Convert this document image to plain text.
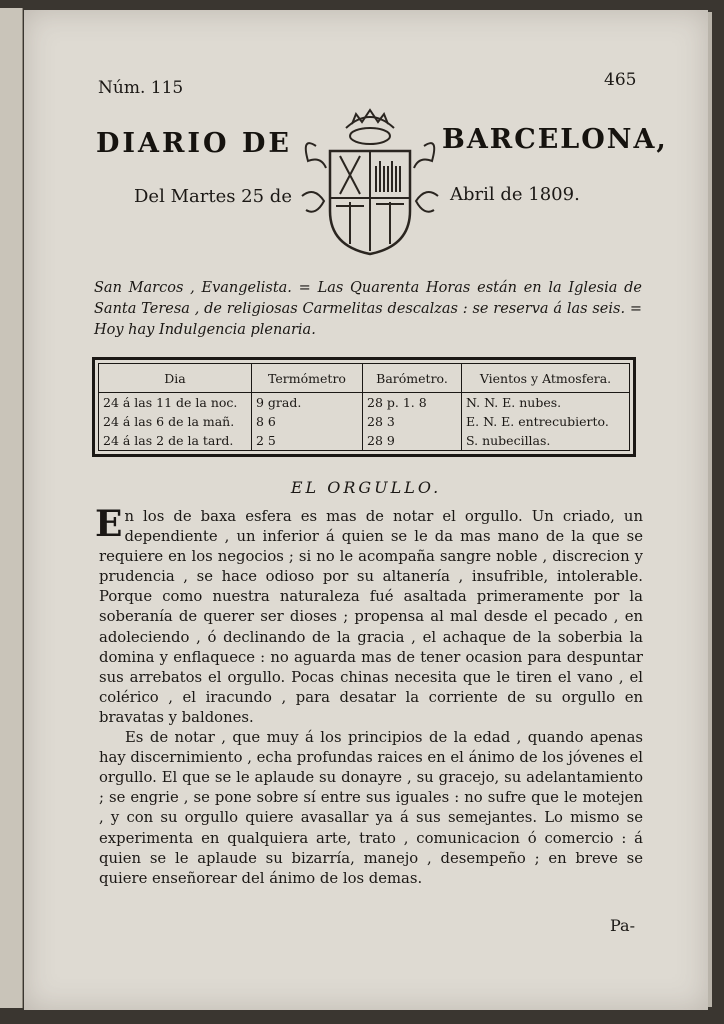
Núm. 115	465
DIARIO DE	BARCELONA,
Del Martes 25 de	Abril de 1809.

San Marcos , Evangelista. = Las Quarenta Horas están en la Iglesia de Santa Teresa , de religiosas Carmelitas descalzas : se reserva á las seis. = Hoy hay Indulgencia plenaria.

Dia	Termómetro	Barómetro.	Vientos y Atmosfera.
24 á las 11 de la noc.	9 grad.	28 p. 1. 8	N. N. E. nubes.
24 á las 6 de la mañ.	8 6	28 3	E. N. E. entrecubierto.
24 á las 2 de la tard.	2 5	28 9	S. nubecillas.
EL ORGULLO.

En los de baxa esfera es mas de notar el orgullo. Un criado, un dependiente , un inferior á quien se le da mas mano de la que se requiere en los negocios ; si no le acompaña sangre noble , discrecion y prudencia , se hace odioso por su altanería , insufrible, intolerable. Porque como nuestra naturaleza fué asaltada primeramente por la soberanía de querer ser dioses ; propensa al mal desde el pecado , en adoleciendo , ó declinando de la gracia , el achaque de la soberbia la domina y enflaquece : no aguarda mas de tener ocasion para despuntar sus arrebatos el orgullo. Pocas chinas necesita que le tiren el vano , el colérico , el iracundo , para desatar la corriente de su orgullo en bravatas y baldones.

Es de notar , que muy á los principios de la edad , quando apenas hay discernimiento , echa profundas raices en el ánimo de los jóvenes el orgullo. El que se le aplaude su donayre , su gracejo, su adelantamiento ; se engrie , se pone sobre sí entre sus iguales : no sufre que le motejen , y con su orgullo quiere avasallar ya á sus semejantes. Lo mismo se experimenta en qualquiera arte, trato , comunicacion ó comercio : á quien se le aplaude su bizarría, manejo , desempeño ; en breve se quiere enseñorear del ánimo de los demas.

Pa-
